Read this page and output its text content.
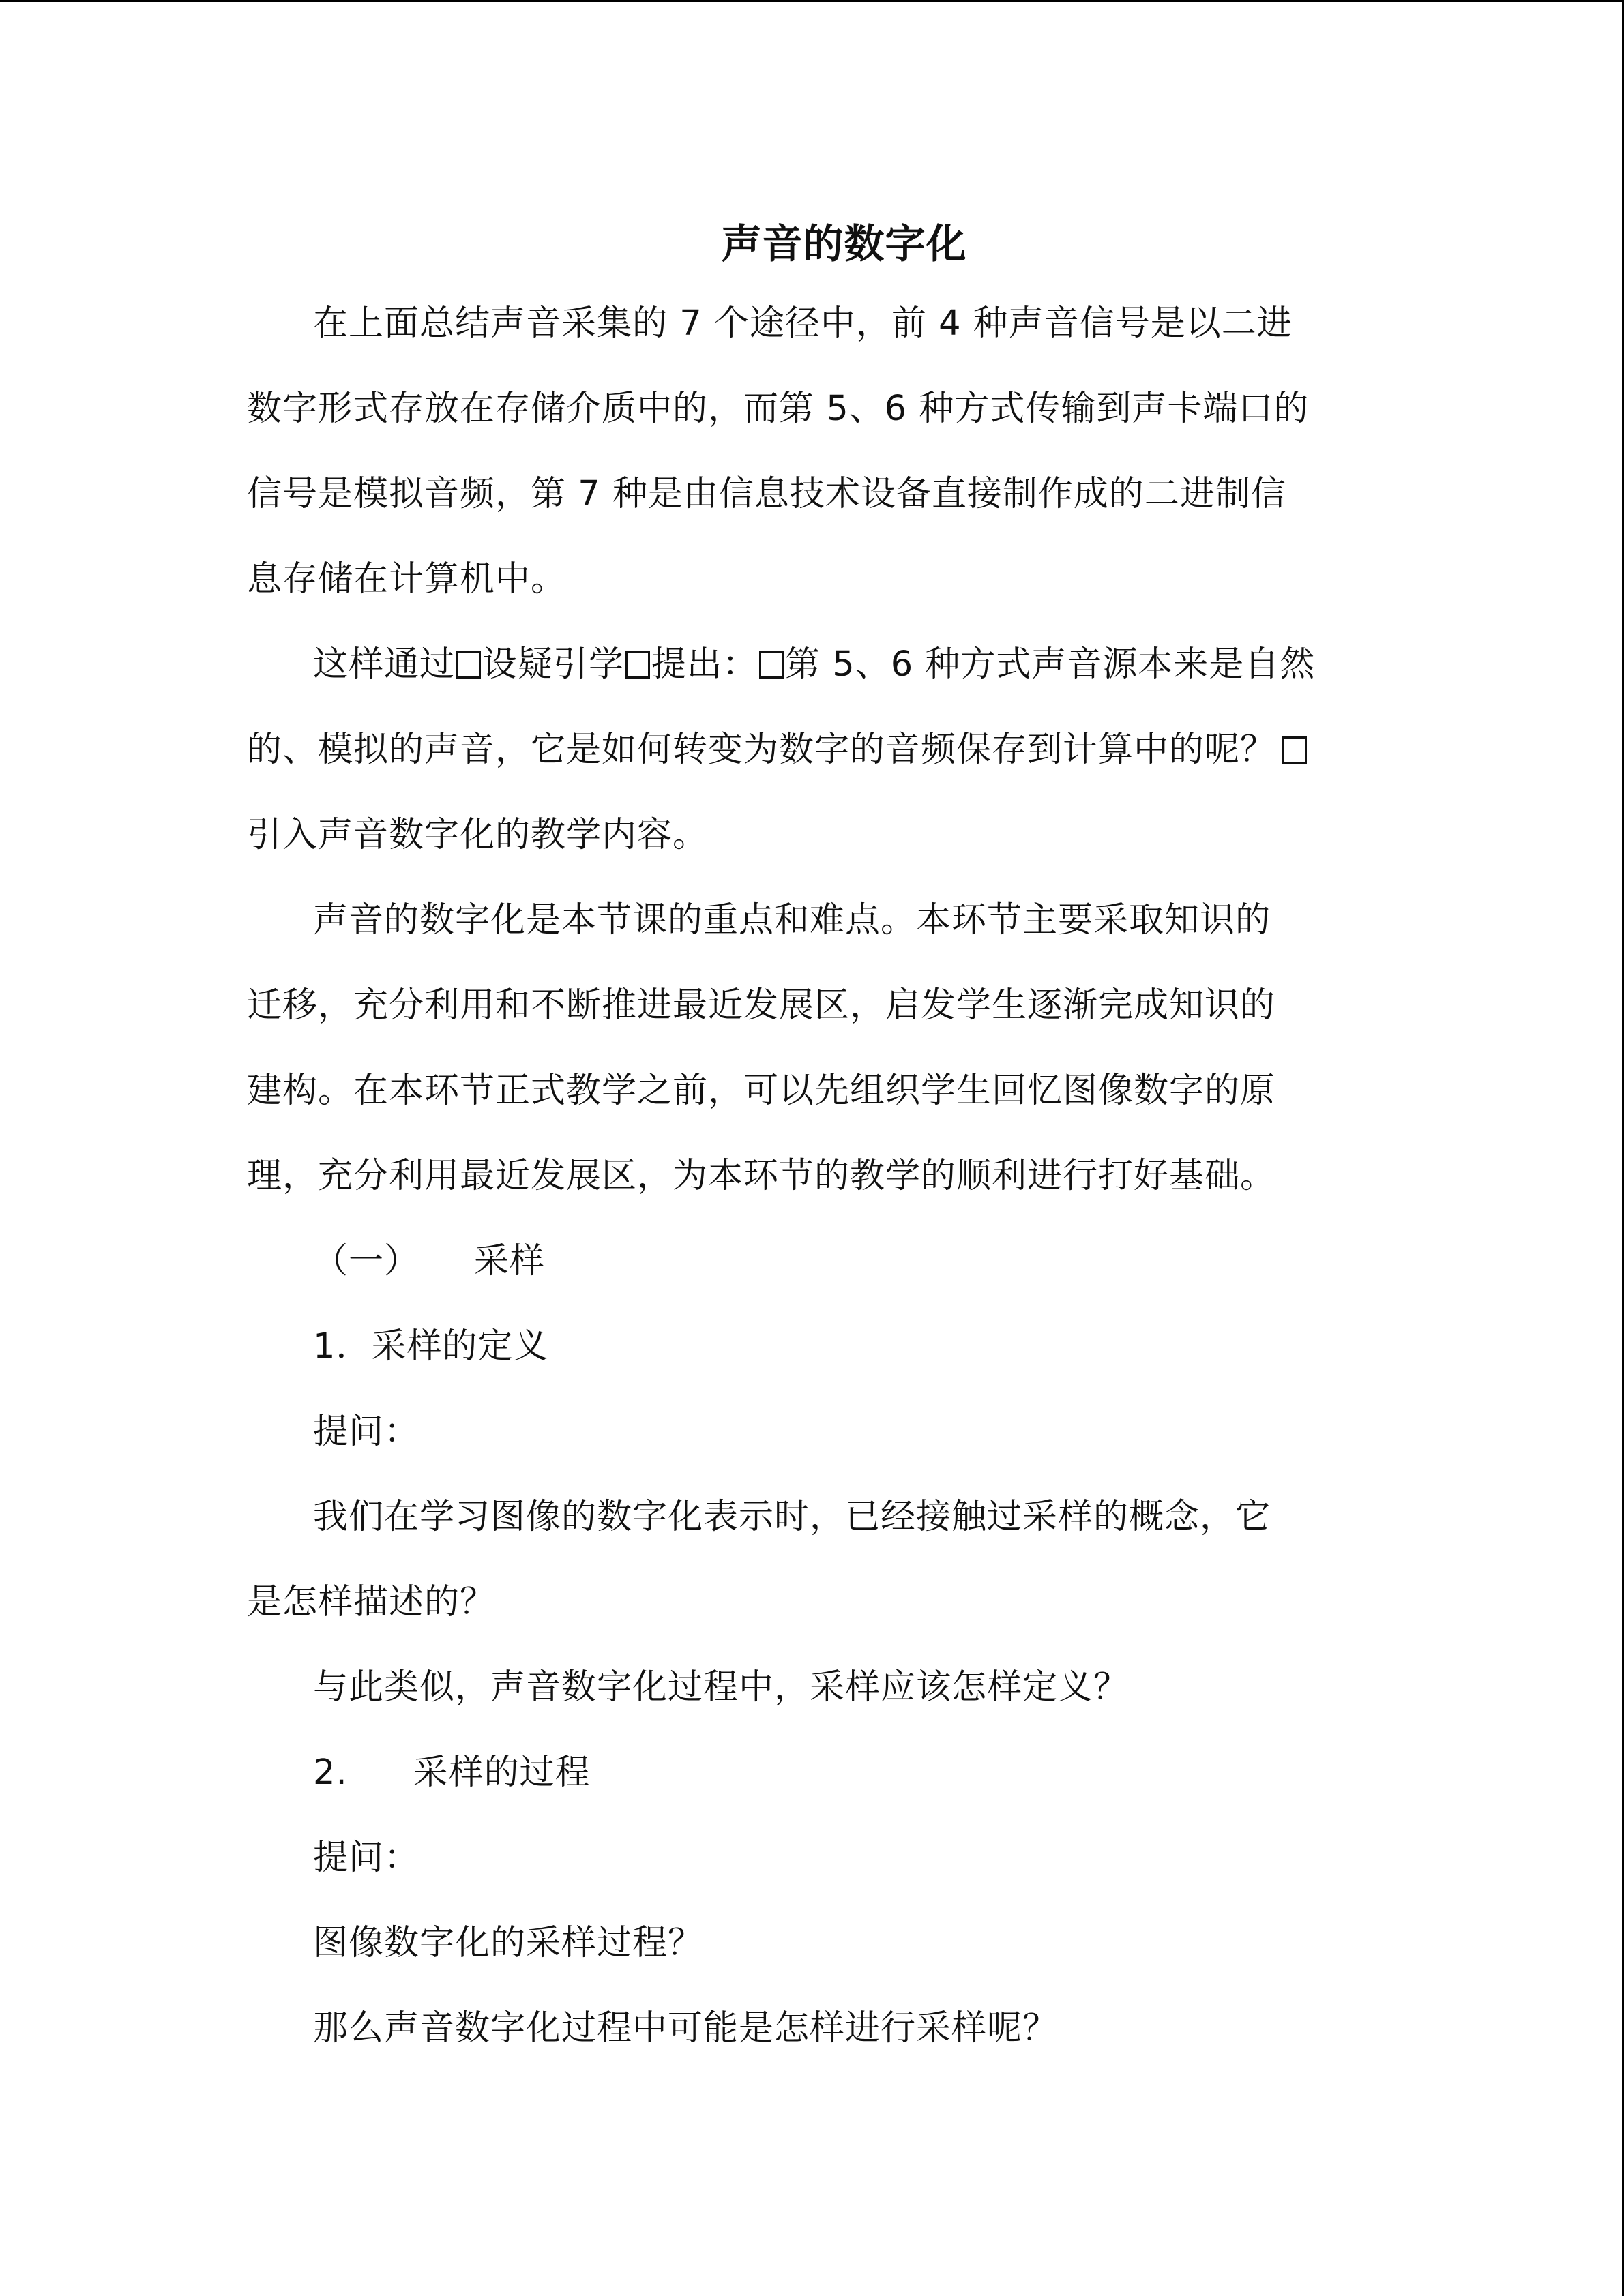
声音的数字化
在上面总结声音采集的 7 个途径中，前 4 种声音信号是以二进
数字形式存放在存储介质中的，而第 5、6 种方式传输到声卡端口的
信号是模拟音频，第 7 种是由信息技术设备直接制作成的二进制信
息存储在计算机中。
这样通过 设疑引学 提出： 第 5、6 种方式声音源本来是自然
的、模拟的声音，它是如何转变为数字的音频保存到计算中的呢？
引入声音数字化的教学内容。
声音的数字化是本节课的重点和难点。本环节主要采取知识的
迁移，充分利用和不断推进最近发展区，启发学生逐渐完成知识的
建构。在本环节正式教学之前，可以先组织学生回忆图像数字的原
理，充分利用最近发展区，为本环节的教学的顺利进行打好基础。
（一） 采样
1．采样的定义
提问：
我们在学习图像的数字化表示时，已经接触过采样的概念，它
是怎样描述的？
与此类似，声音数字化过程中，采样应该怎样定义？
2. 采样的过程
提问：
图像数字化的采样过程？
那么声音数字化过程中可能是怎样进行采样呢？
